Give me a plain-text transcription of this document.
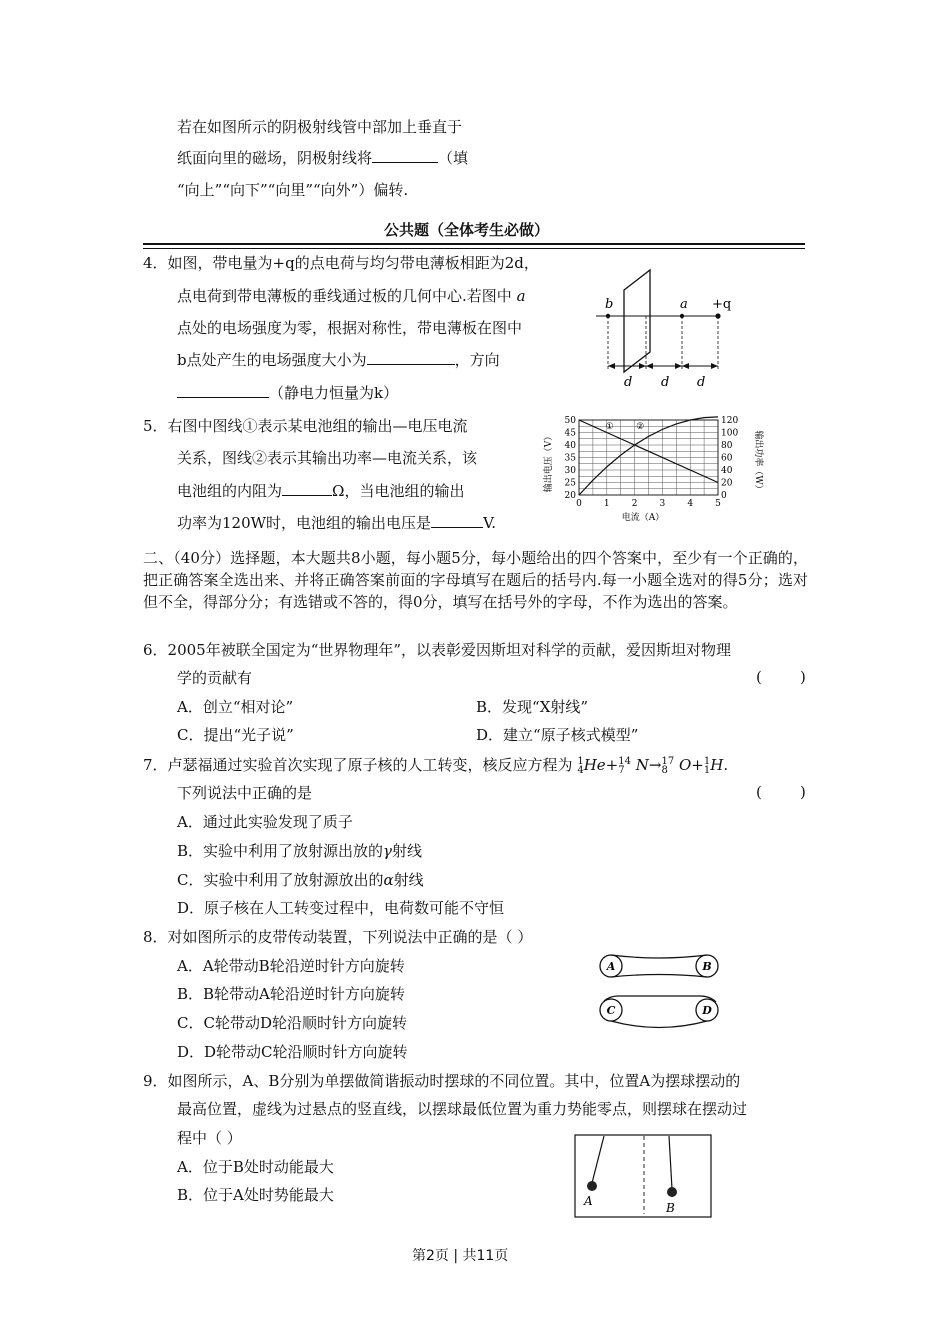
若在如图所示的阴极射线管中部加上垂直于
纸面向里的磁场，阴极射线将	（填
“向上”“向下”“向里”“向外”）偏转.
公共题（全体考生必做）
4．如图，带电量为+q的点电荷与均匀带电薄板相距为2d，
点电荷到带电薄板的垂线通过板的几何中心.若图中 a
点处的电场强度为零，根据对称性，带电薄板在图中
b点处产生的电场强度大小为	，方向
（静电力恒量为k）
b	a +q
d d d
5．右图中图线①表示某电池组的输出—电压电流
关系，图线②表示其输出功率—电流关系，该
电池组的内阻为	Ω，当电池组的输出
功率为120W时，电池组的输出电压是	V.
0 1 2 3 4 5
20
25
30
35
40
45
50
0
20
40
60
80
100
120
①	②
输出电压（V）	输出功率（W）
电流（A）
二、（40分）选择题，本大题共8小题，每小题5分，每小题给出的四个答案中，至少有一个正确的，把正确答案全选出来、并将正确答案前面的字母填写在题后的括号内.每一小题全选对的得5分；选对但不全，得部分分；有选错或不答的，得0分，填写在括号外的字母，不作为选出的答案。
6．2005年被联全国定为“世界物理年”，以表彰爱因斯坦对科学的贡献，爱因斯坦对物理
学的贡献有	(        )
A．创立“相对论”	B．发现“X射线”
C．提出“光子说”	D．建立“原子核式模型”
7．卢瑟福通过实验首次实现了原子核的人工转变，核反应方程为 1
4He+14
7 N→17
8 O+1
1H.
下列说法中正确的是	(        )
A．通过此实验发现了质子
B．实验中利用了放射源出放的γ射线
C．实验中利用了放射源放出的α射线
D．原子核在人工转变过程中，电荷数可能不守恒
8．对如图所示的皮带传动装置，下列说法中正确的是（ ）
A．A轮带动B轮沿逆时针方向旋转
B．B轮带动A轮沿逆时针方向旋转
C．C轮带动D轮沿顺时针方向旋转
D．D轮带动C轮沿顺时针方向旋转
A	B
C	D
9．如图所示，A、B分别为单摆做简谐振动时摆球的不同位置。其中，位置A为摆球摆动的
最高位置，虚线为过悬点的竖直线，以摆球最低位置为重力势能零点，则摆球在摆动过
程中（ ）
A．位于B处时动能最大
B．位于A处时势能最大	A	B
第2页 | 共11页
